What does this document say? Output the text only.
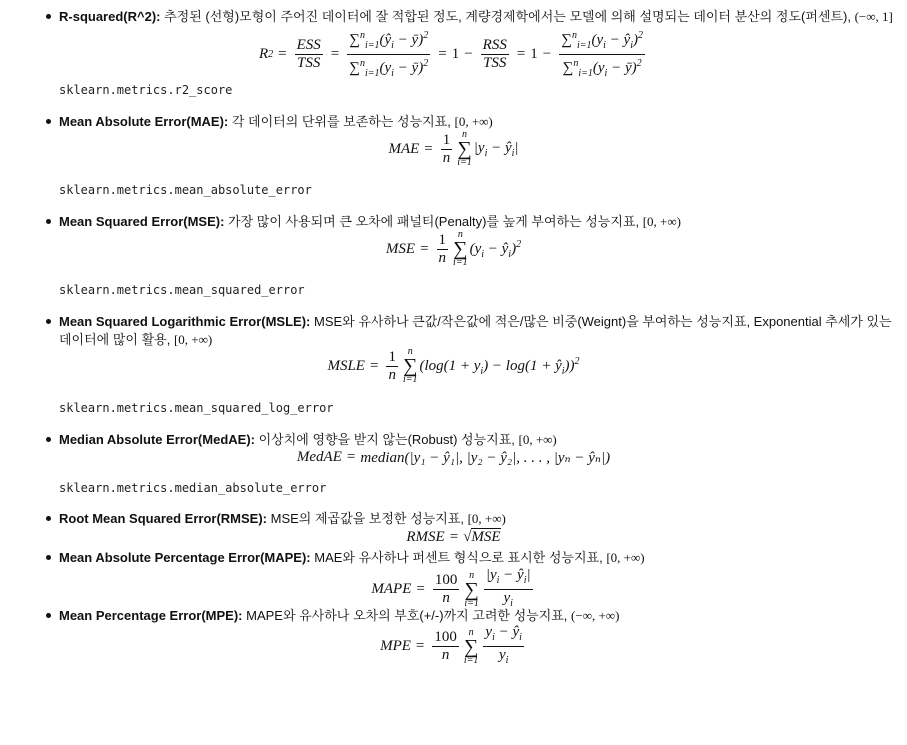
R-squared(R^2): 추정된 (선형)모형이 주어진 데이터에 잘 적합된 정도, 계량경제학에서는 모델에 의해 설명되는 데이터 분산의 정도(퍼센트), (−∞, 1]
R $2 = \frac{\text{ESS}}{\text{TSS}} = \frac{\sum^n_{i=1}(ŷ_i - ȳ)^2}{\sum^n_{i=1}(y_i - ȳ)^2} = 1 - \frac{\text{RSS}}{\text{TSS}} = 1 - \frac{\sum^n_{i=1}(y_i - ŷ_i)^2}{\sum^n_{i=1}(y_i - ȳ)^2}$
sklearn.metrics.r2_score
Mean Absolute Error(MAE): 각 데이터의 단위를 보존하는 성능지표, [0, +∞)
MAE = $\frac{1}{n}$ n
∑
i=1
$|y_i$ − $ŷ_i|$
sklearn.metrics.mean_absolute_error
Mean Squared Error(MSE): 가장 많이 사용되며 큰 오차에 패널티(Penalty)를 높게 부여하는 성능지표, [0, +∞)
MSE = $\frac{1}{n}$ n
∑
i=1
($y_i$ − $ŷ_i)^2$
sklearn.metrics.mean_squared_error
Mean Squared Logarithmic Error(MSLE): MSE와 유사하나 큰값/작은값에 적은/많은 비중(Weignt)을 부여하는 성능지표, Exponential 추세가 있는 데이터에 많이 활용, [0, +∞)
MSLE = $\frac{1}{n}$ n
∑
i=1
($\log(1 + y_i) - \log(1$ + $ŷ_i))^2$
sklearn.metrics.mean_squared_log_error
Median Absolute Error(MedAE): 이상치에 영향을 받지 않는(Robust) 성능지표, [0, +∞)
MedAE = median(|y₁ − ŷ₁|, |y₂ − ŷ₂|, . . . , |yₙ − ŷₙ|)
sklearn.metrics.median_absolute_error
Root Mean Squared Error(RMSE): MSE의 제곱값을 보정한 성능지표, [0, +∞)
RMSE = √ MSE
Mean Absolute Percentage Error(MAPE): MAE와 유사하나 퍼센트 형식으로 표시한 성능지표, [0, +∞)
MAPE = $\frac{100}{n}$ n
∑
$i=1 \frac{|y_i - ŷ_i|}{y_i}$
Mean Percentage Error(MPE): MAPE와 유사하나 오차의 부호(+/-)까지 고려한 성능지표, (−∞, +∞)
MPE = $\frac{100}{n}$ n
∑
$i=1 \frac{y_i - ŷ_i}{y_i}$
